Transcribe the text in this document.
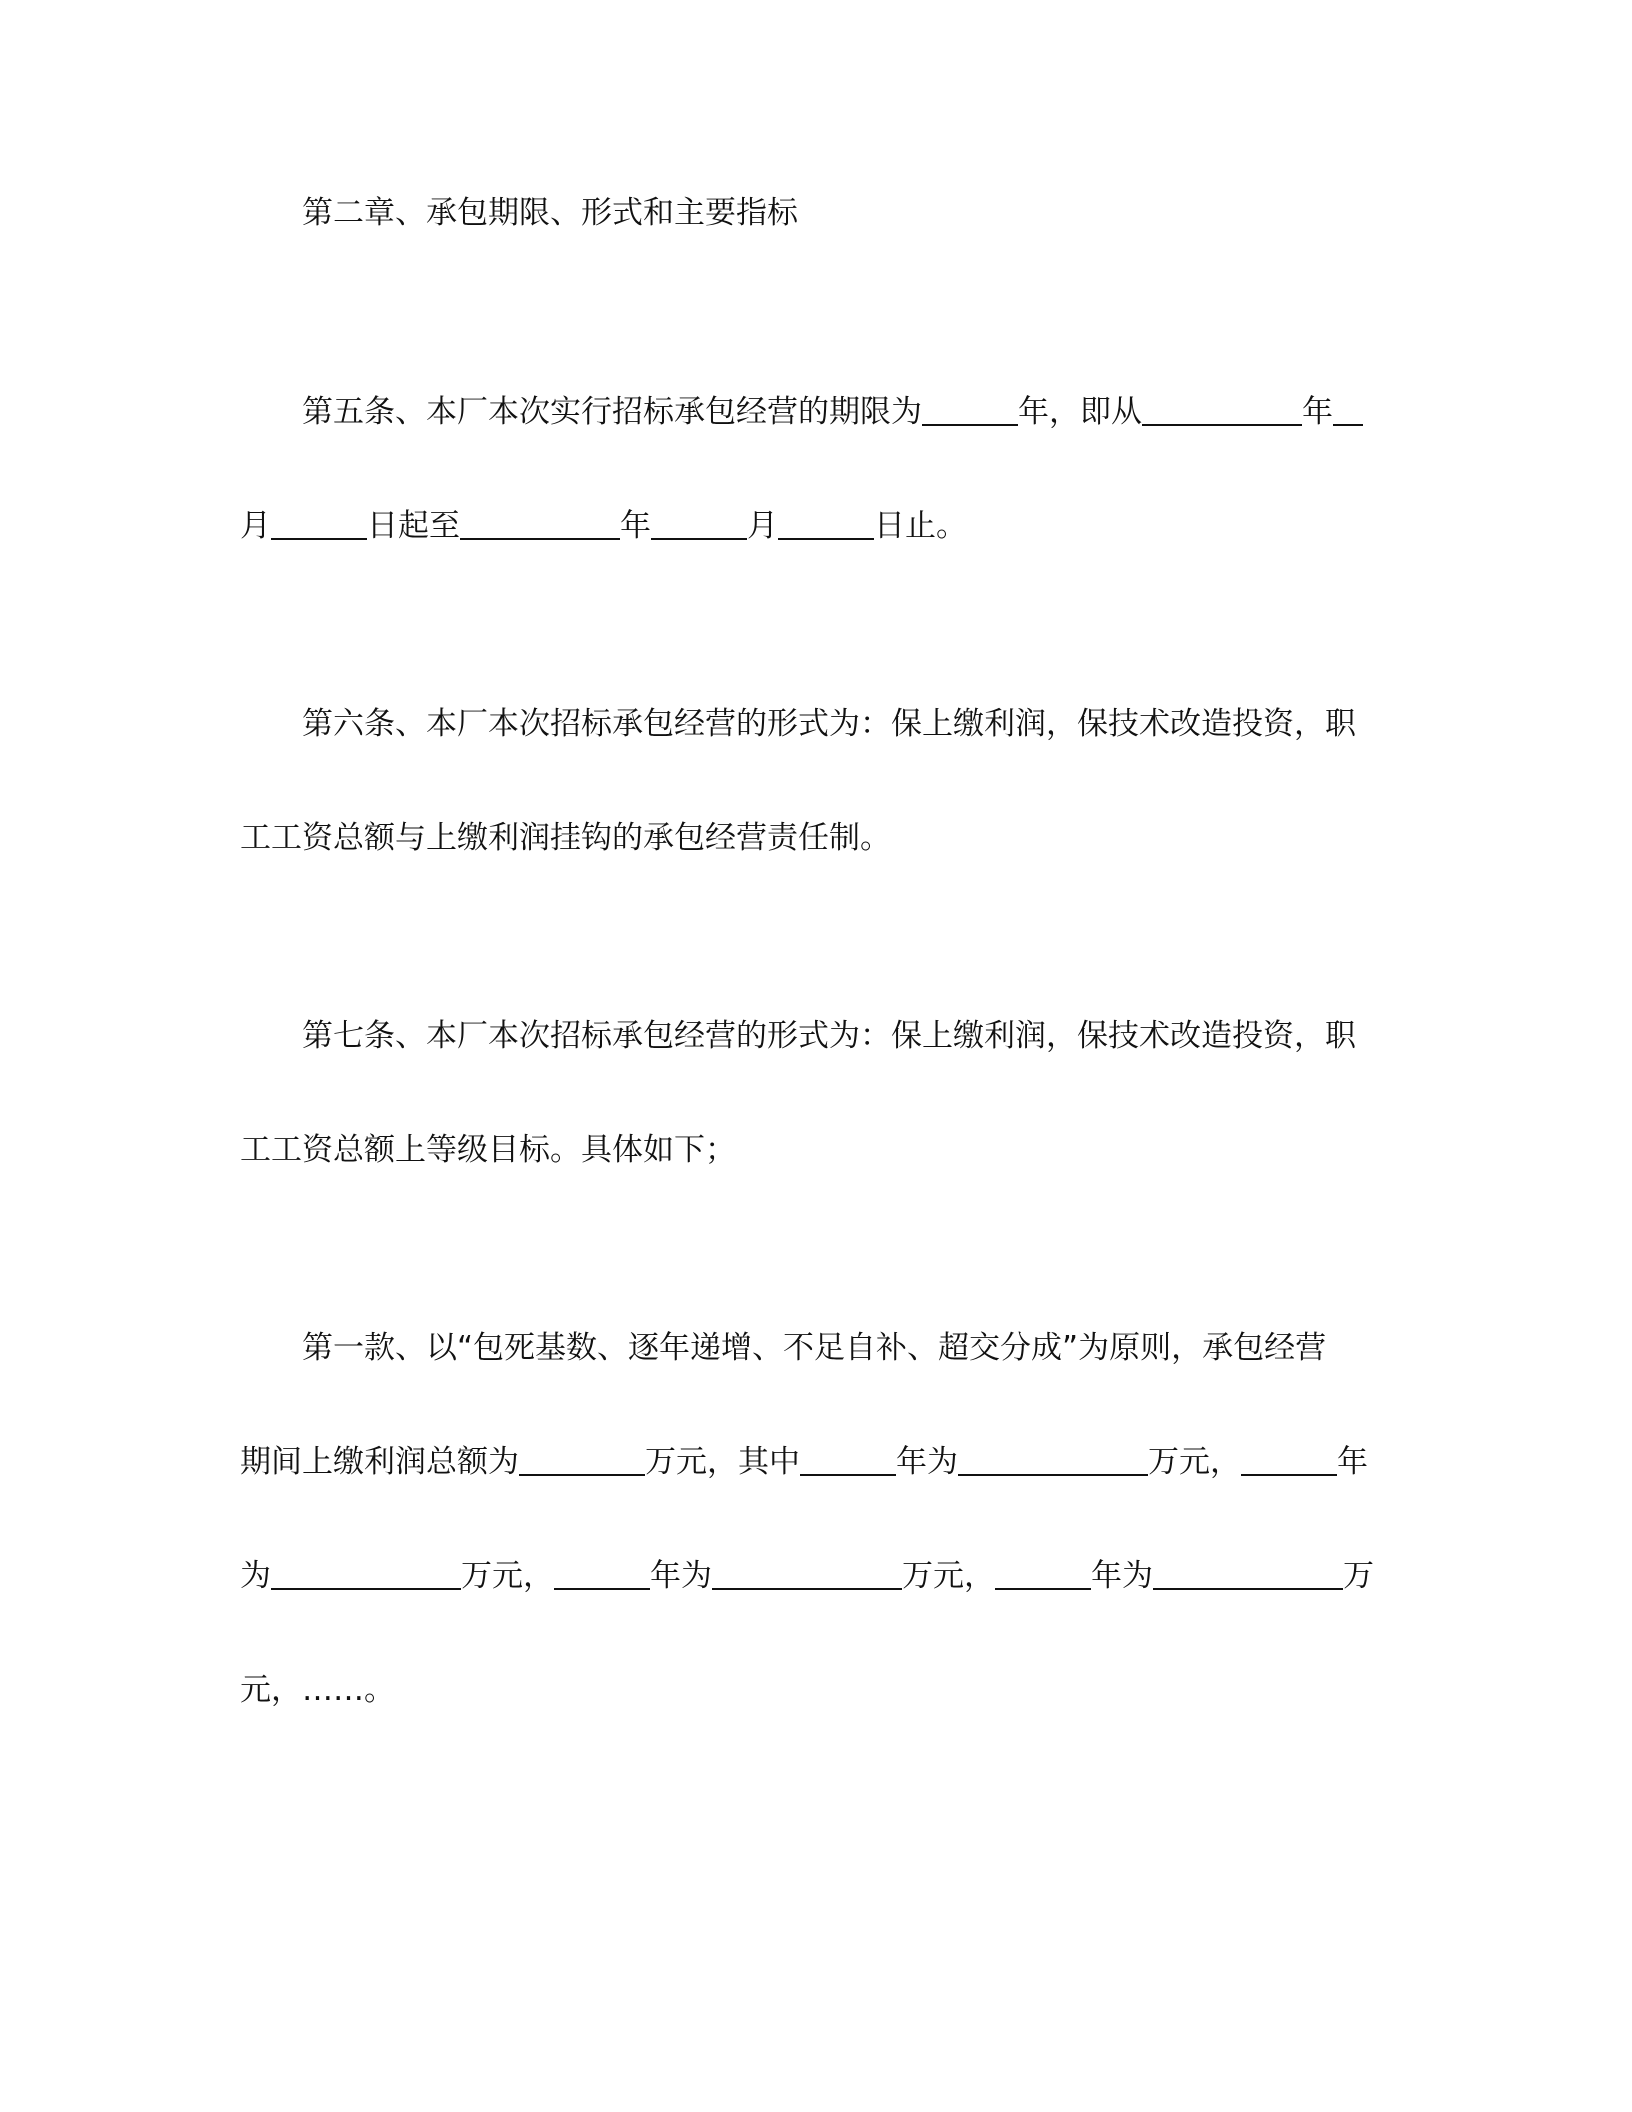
第二章、承包期限、形式和主要指标
第五条、本厂本次实行招标承包经营的期限为	年，即从	年
月	日起至	年	月	日止。
第六条、本厂本次招标承包经营的形式为：保上缴利润，保技术改造投资，职
工工资总额与上缴利润挂钩的承包经营责任制。
第七条、本厂本次招标承包经营的形式为：保上缴利润，保技术改造投资，职
工工资总额上等级目标。具体如下；
第一款、以“包死基数、逐年递增、不足自补、超交分成”为原则，承包经营
期间上缴利润总额为	万元，其中	年为	万元，	年
为	万元，	年为	万元，	年为	万
元，……。
